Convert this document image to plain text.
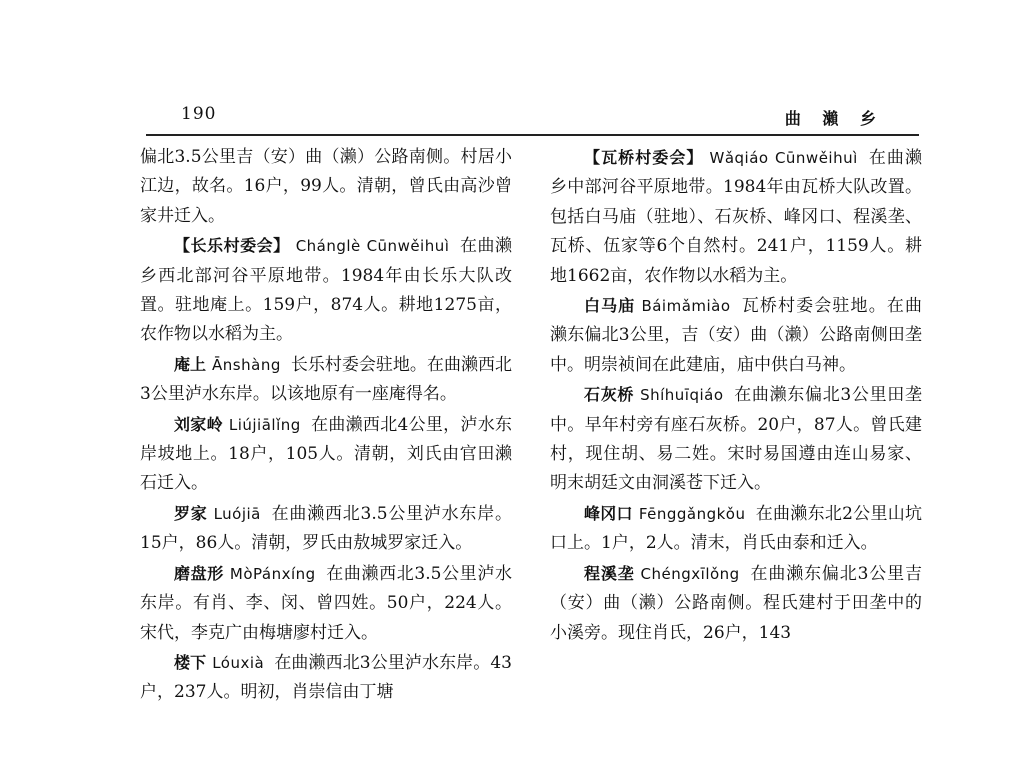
190	曲 瀨 乡

偏北3.5公里吉（安）曲（濑）公路南侧。村居小江边，故名。16户，99人。清朝，曾氏由高沙曾家井迁入。

【长乐村委会】 Chánglè Cūnwěihuì 在曲濑乡西北部河谷平原地带。1984年由长乐大队改置。驻地庵上。159户，874人。耕地1275亩，农作物以水稻为主。

庵上 Ānshàng 长乐村委会驻地。在曲濑西北3公里泸水东岸。以该地原有一座庵得名。

刘家岭 Liújiālǐng 在曲濑西北4公里，泸水东岸坡地上。18户，105人。清朝，刘氏由官田濑石迁入。

罗家 Luójiā 在曲濑西北3.5公里泸水东岸。15户，86人。清朝，罗氏由敖城罗家迁入。

磨盘形 MòPánxíng 在曲濑西北3.5公里泸水东岸。有肖、李、闵、曾四姓。50户，224人。宋代，李克广由梅塘廖村迁入。

楼下 Lóuxià 在曲濑西北3公里泸水东岸。43户，237人。明初，肖崇信由丁塘

【瓦桥村委会】 Wǎqiáo Cūnwěihuì 在曲濑乡中部河谷平原地带。1984年由瓦桥大队改置。包括白马庙（驻地）、石灰桥、峰冈口、程溪垄、瓦桥、伍家等6个自然村。241户，1159人。耕地1662亩，农作物以水稻为主。

白马庙 Báimǎmiào 瓦桥村委会驻地。在曲濑东偏北3公里，吉（安）曲（濑）公路南侧田垄中。明崇祯间在此建庙，庙中供白马神。

石灰桥 Shíhuīqiáo 在曲濑东偏北3公里田垄中。早年村旁有座石灰桥。20户，87人。曾氏建村，现住胡、易二姓。宋时易国遵由连山易家、明末胡廷文由洞溪苍下迁入。

峰冈口 Fēnggǎngkǒu 在曲濑东北2公里山坑口上。1户，2人。清末，肖氏由泰和迁入。

程溪垄 Chéngxīlǒng 在曲濑东偏北3公里吉（安）曲（濑）公路南侧。程氏建村于田垄中的小溪旁。现住肖氏，26户，143
